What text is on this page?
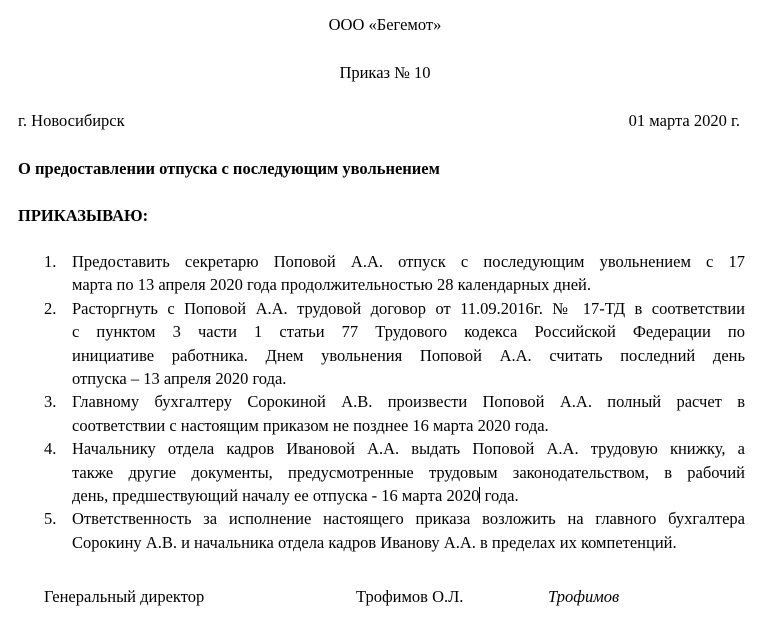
ООО «Бегемот»
Приказ № 10
г. Новосибирск	01 марта 2020 г.
О предоставлении отпуска с последующим увольнением
ПРИКАЗЫВАЮ:
1. Предоставить секретарю Поповой А.А. отпуск с последующим увольнением с 17
марта по 13 апреля 2020 года продолжительностью 28 календарных дней.
2. Расторгнуть с Поповой А.А. трудовой договор от 11.09.2016г. № 17-ТД в соответствии
с пунктом 3 части 1 статьи 77 Трудового кодекса Российской Федерации по
инициативе работника. Днем увольнения Поповой А.А. считать последний день
отпуска – 13 апреля 2020 года.
3. Главному бухгалтеру Сорокиной А.В. произвести Поповой А.А. полный расчет в
соответствии с настоящим приказом не позднее 16 марта 2020 года.
4. Начальнику отдела кадров Ивановой А.А. выдать Поповой А.А. трудовую книжку, а
также другие документы, предусмотренные трудовым законодательством, в рабочий
день, предшествующий началу ее отпуска - 16 марта 2020 года.
5. Ответственность за исполнение настоящего приказа возложить на главного бухгалтера
Сорокину А.В. и начальника отдела кадров Иванову А.А. в пределах их компетенций.
Генеральный директор	Трофимов О.Л.	Трофимов
